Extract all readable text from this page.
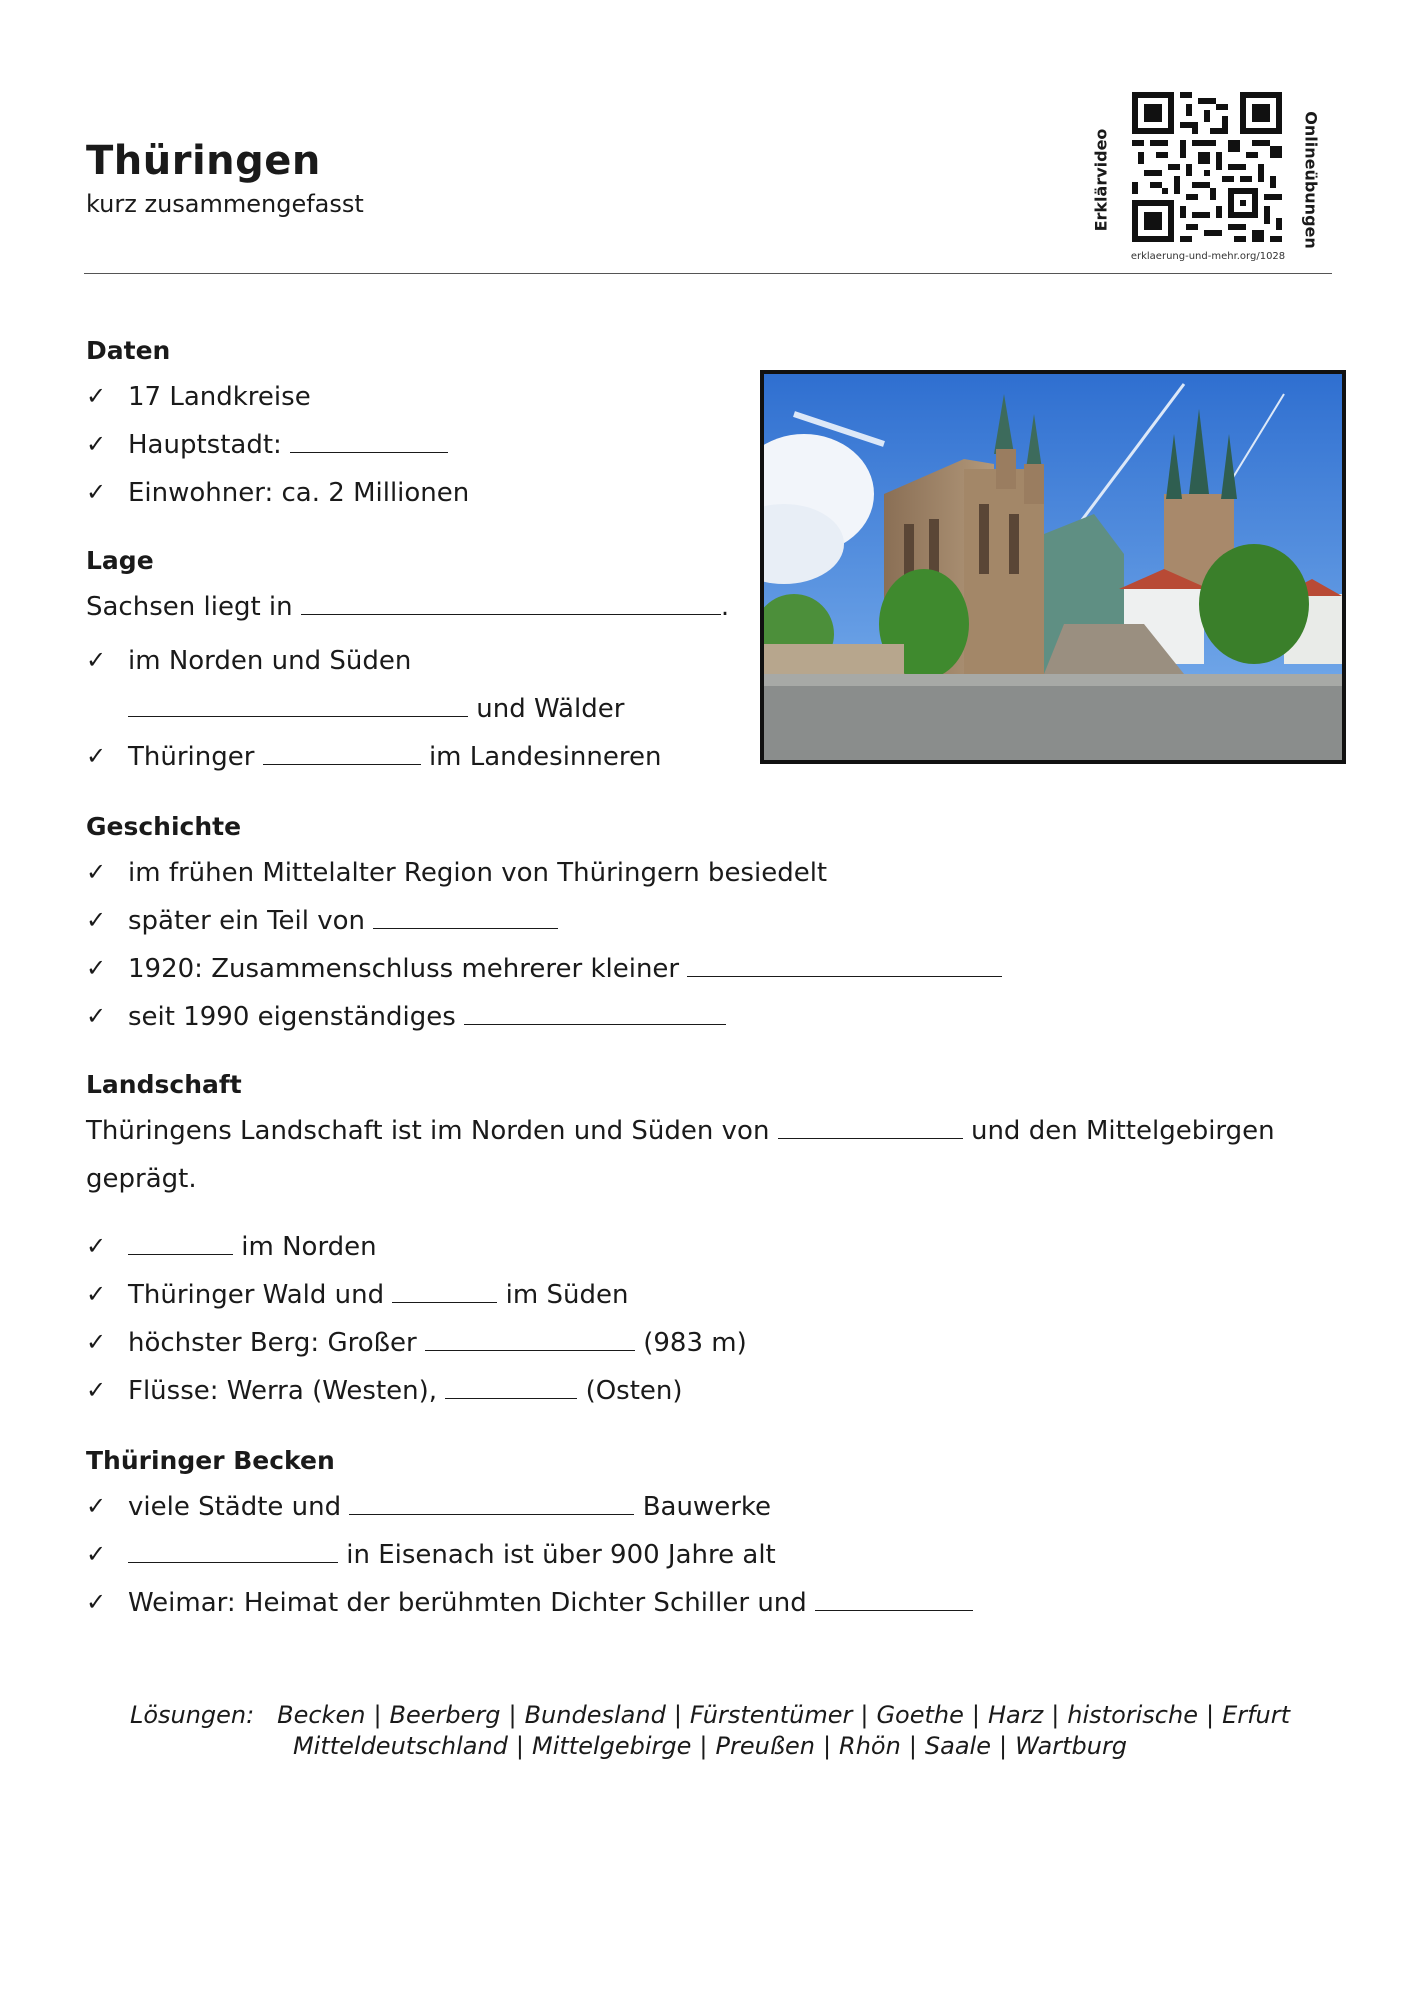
Thüringen
kurz zusammengefasst	Erklärvideo	Onlineübungen
erklaerung-und-mehr.org/1028
Daten
✓ 17 Landkreise
✓ Hauptstadt:
✓ Einwohner: ca. 2 Millionen
Lage
Sachsen liegt in	.
✓ im Norden und Süden
und Wälder
✓ Thüringer	im Landesinneren
Geschichte
✓ im frühen Mittelalter Region von Thüringern besiedelt
✓ später ein Teil von
✓ 1920: Zusammenschluss mehrerer kleiner
✓ seit 1990 eigenständiges
Landschaft
Thüringens Landschaft ist im Norden und Süden von	und den Mittelgebirgen
geprägt.
✓	im Norden
✓ Thüringer Wald und	im Süden
✓ höchster Berg: Großer	(983 m)
✓ Flüsse: Werra (Westen),	(Osten)
Thüringer Becken
✓ viele Städte und	Bauwerke
✓	in Eisenach ist über 900 Jahre alt
✓ Weimar: Heimat der berühmten Dichter Schiller und
Lösungen: Becken | Beerberg | Bundesland | Fürstentümer | Goethe | Harz | historische | Erfurt
Mitteldeutschland | Mittelgebirge | Preußen | Rhön | Saale | Wartburg
